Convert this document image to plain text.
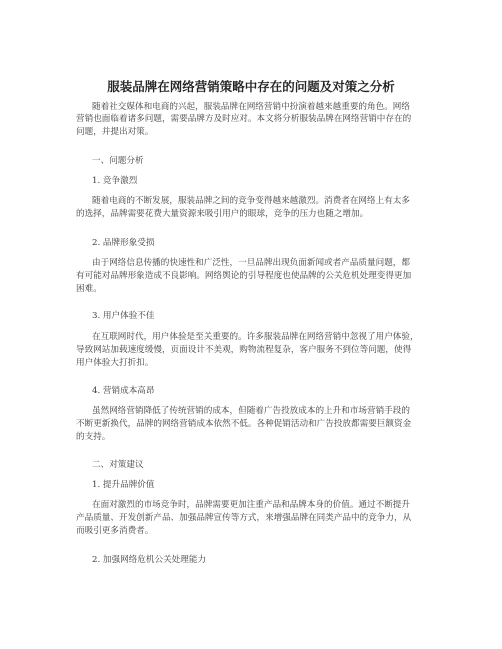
服装品牌在网络营销策略中存在的问题及对策之分析
随着社交媒体和电商的兴起，服装品牌在网络营销中扮演着越来越重要的角色。网络
营销也面临着诸多问题，需要品牌方及时应对。本文将分析服装品牌在网络营销中存在的
问题，并提出对策。
一、问题分析
1. 竞争激烈
随着电商的不断发展，服装品牌之间的竞争变得越来越激烈。消费者在网络上有太多
的选择，品牌需要花费大量资源来吸引用户的眼球，竞争的压力也随之增加。
2. 品牌形象受损
由于网络信息传播的快速性和广泛性，一旦品牌出现负面新闻或者产品质量问题，都
有可能对品牌形象造成不良影响。网络舆论的引导程度也使品牌的公关危机处理变得更加
困难。
3. 用户体验不佳
在互联网时代，用户体验是至关重要的。许多服装品牌在网络营销中忽视了用户体验，
导致网站加载速度缓慢，页面设计不美观，购物流程复杂，客户服务不到位等问题，使得
用户体验大打折扣。
4. 营销成本高昂
虽然网络营销降低了传统营销的成本，但随着广告投放成本的上升和市场营销手段的
不断更新换代，品牌的网络营销成本依然不低。各种促销活动和广告投放都需要巨额资金
的支持。
二、对策建议
1. 提升品牌价值
在面对激烈的市场竞争时，品牌需要更加注重产品和品牌本身的价值。通过不断提升
产品质量、开发创新产品、加强品牌宣传等方式，来增强品牌在同类产品中的竞争力，从
而吸引更多消费者。
2. 加强网络危机公关处理能力
